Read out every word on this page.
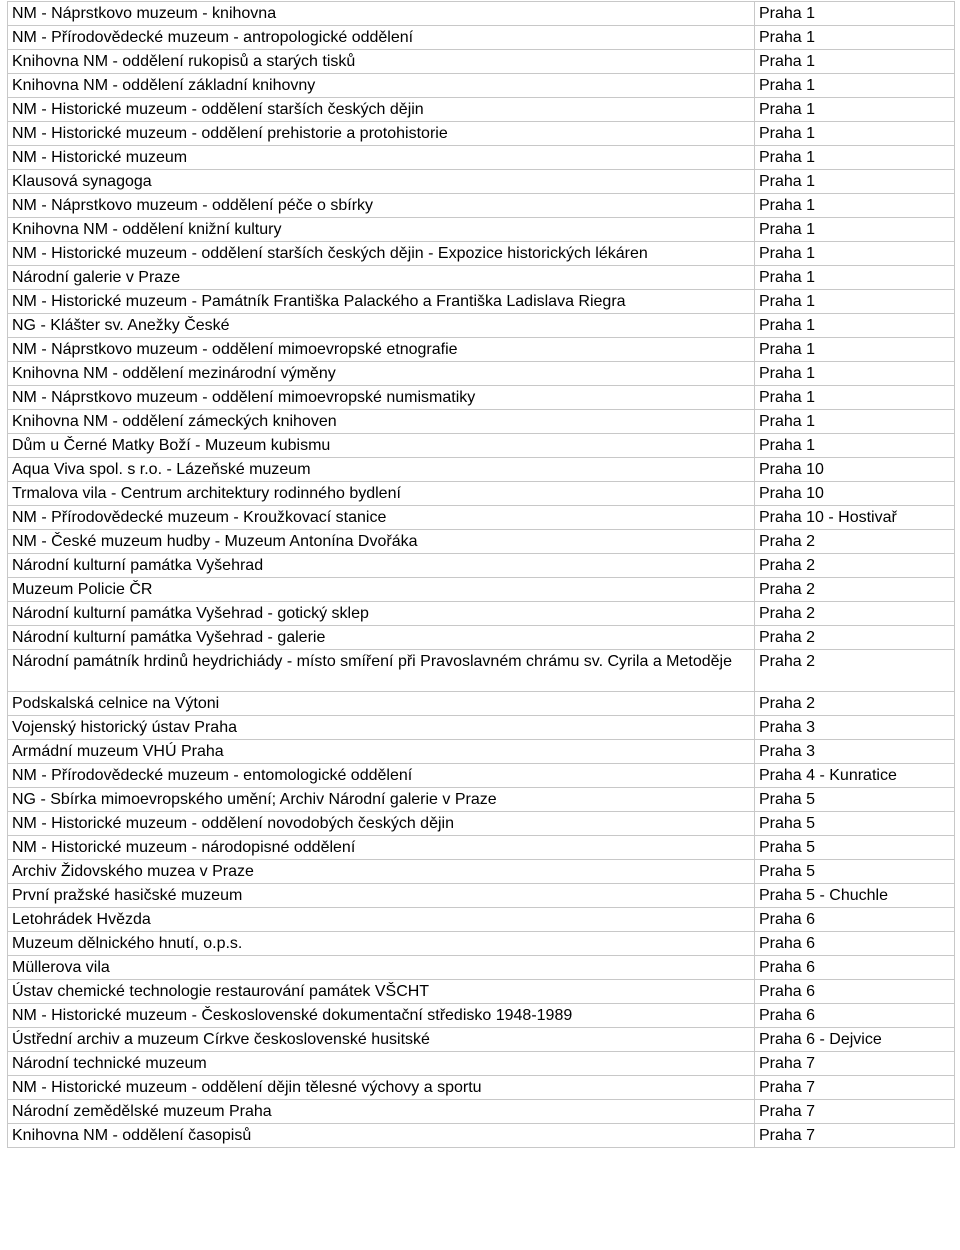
NM - Náprstkovo muzeum - knihovna	Praha 1
NM - Přírodovědecké muzeum - antropologické oddělení	Praha 1
Knihovna NM - oddělení rukopisů a starých tisků	Praha 1
Knihovna NM - oddělení základní knihovny	Praha 1
NM - Historické muzeum - oddělení starších českých dějin	Praha 1
NM - Historické muzeum - oddělení prehistorie a protohistorie	Praha 1
NM - Historické muzeum	Praha 1
Klausová synagoga	Praha 1
NM - Náprstkovo muzeum - oddělení péče o sbírky	Praha 1
Knihovna NM - oddělení knižní kultury	Praha 1
NM - Historické muzeum - oddělení starších českých dějin - Expozice historických lékáren	Praha 1
Národní galerie v Praze	Praha 1
NM - Historické muzeum - Památník Františka Palackého a Františka Ladislava Riegra	Praha 1
NG - Klášter sv. Anežky České	Praha 1
NM - Náprstkovo muzeum - oddělení mimoevropské etnografie	Praha 1
Knihovna NM - oddělení mezinárodní výměny	Praha 1
NM - Náprstkovo muzeum - oddělení mimoevropské numismatiky	Praha 1
Knihovna NM - oddělení zámeckých knihoven	Praha 1
Dům u Černé Matky Boží - Muzeum kubismu	Praha 1
Aqua Viva spol. s r.o. - Lázeňské muzeum	Praha 10
Trmalova vila - Centrum architektury rodinného bydlení	Praha 10
NM - Přírodovědecké muzeum - Kroužkovací stanice	Praha 10 - Hostivař
NM - České muzeum hudby - Muzeum Antonína Dvořáka	Praha 2
Národní kulturní památka Vyšehrad	Praha 2
Muzeum Policie ČR	Praha 2
Národní kulturní památka Vyšehrad - gotický sklep	Praha 2
Národní kulturní památka Vyšehrad - galerie	Praha 2
Národní památník hrdinů heydrichiády - místo smíření při Pravoslavném chrámu sv. Cyrila a Metoděje	Praha 2
Podskalská celnice na Výtoni	Praha 2
Vojenský historický ústav Praha	Praha 3
Armádní muzeum VHÚ Praha	Praha 3
NM - Přírodovědecké muzeum - entomologické oddělení	Praha 4 - Kunratice
NG - Sbírka mimoevropského umění; Archiv Národní galerie v Praze	Praha 5
NM - Historické muzeum - oddělení novodobých českých dějin	Praha 5
NM - Historické muzeum - národopisné oddělení	Praha 5
Archiv Židovského muzea v Praze	Praha 5
První pražské hasičské muzeum	Praha 5 - Chuchle
Letohrádek Hvězda	Praha 6
Muzeum dělnického hnutí, o.p.s.	Praha 6
Müllerova vila	Praha 6
Ústav chemické technologie restaurování památek VŠCHT	Praha 6
NM - Historické muzeum - Československé dokumentační středisko 1948-1989	Praha 6
Ústřední archiv a muzeum Církve československé husitské	Praha 6 - Dejvice
Národní technické muzeum	Praha 7
NM - Historické muzeum - oddělení dějin tělesné výchovy a sportu	Praha 7
Národní zemědělské muzeum Praha	Praha 7
Knihovna NM - oddělení časopisů	Praha 7
